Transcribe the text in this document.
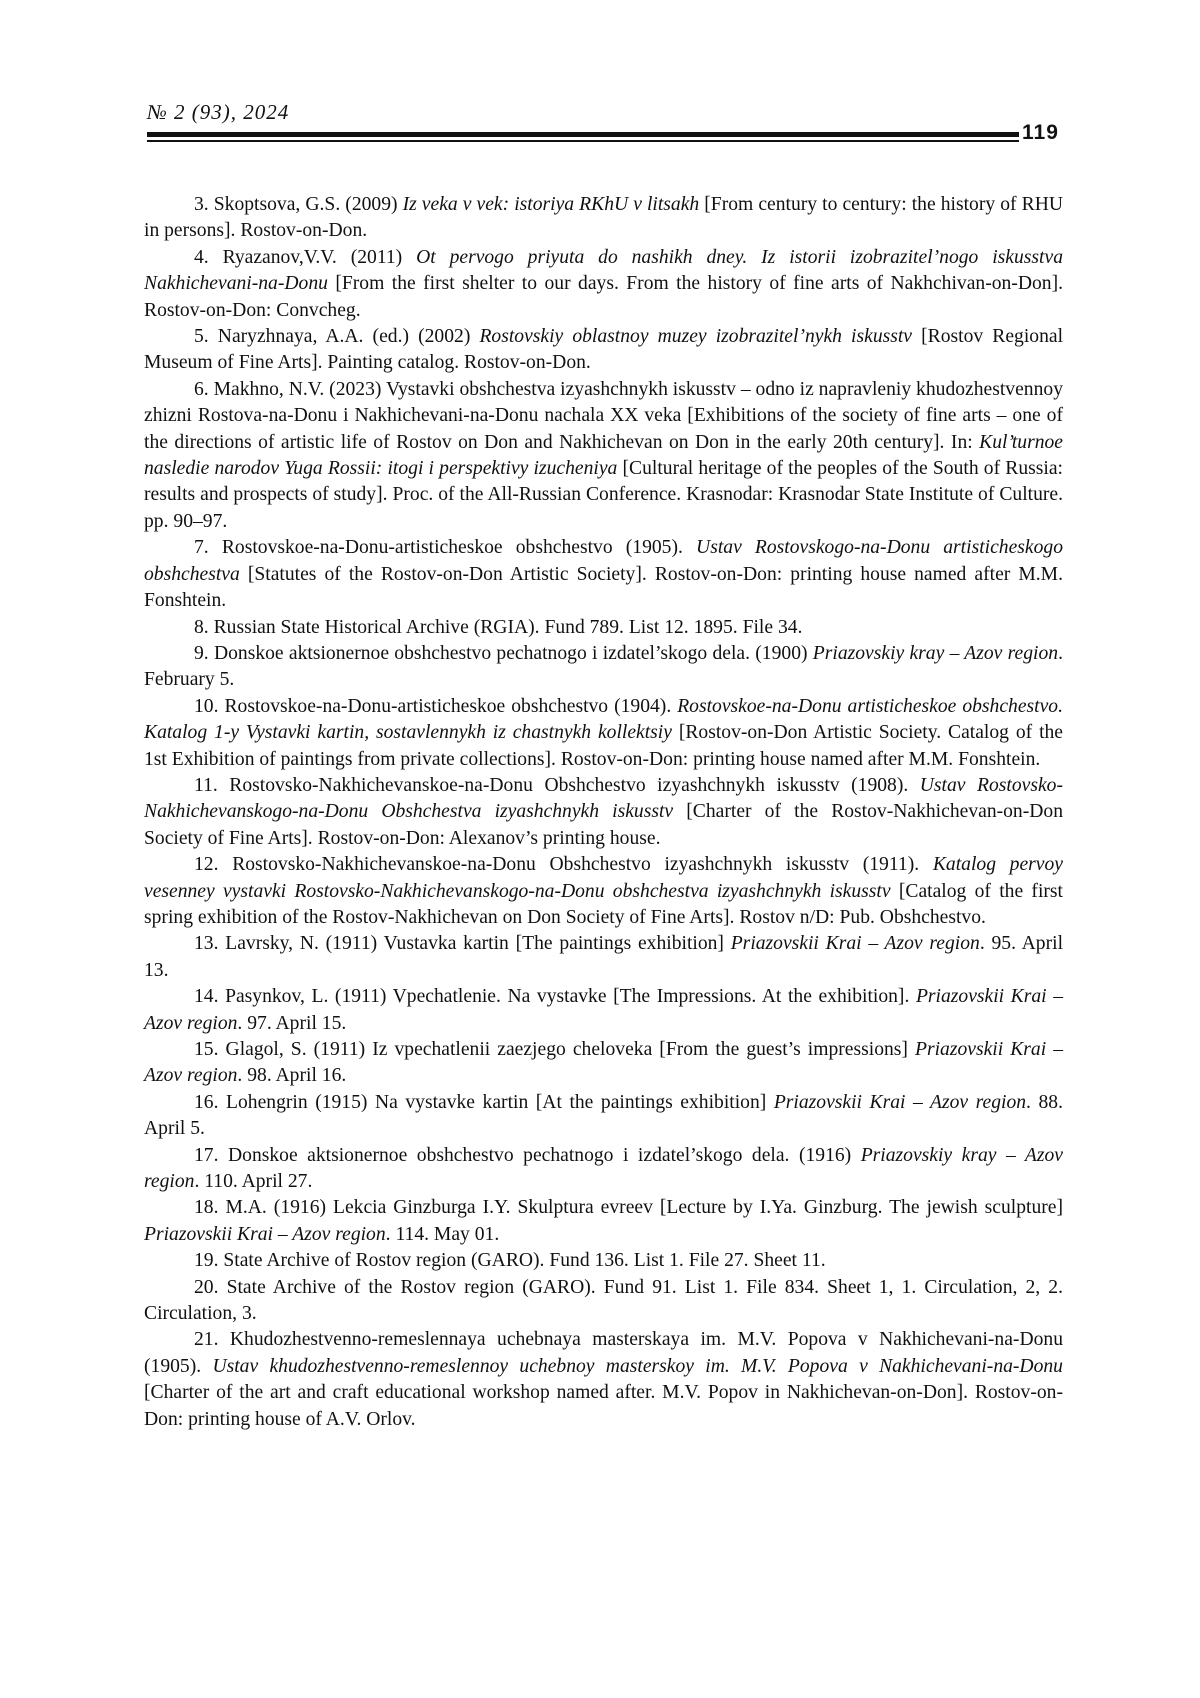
№ 2 (93), 2024
119

3. Skoptsova, G.S. (2009) Iz veka v vek: istoriya RKhU v litsakh [From century to century: the history of RHU in persons]. Rostov-on-Don.

4. Ryazanov,V.V. (2011) Ot pervogo priyuta do nashikh dney. Iz istorii izobrazitel’nogo iskusstva Nakhichevani-na-Donu [From the first shelter to our days. From the history of fine arts of Nakhchivan-on-Don]. Rostov-on-Don: Convcheg.

5. Naryzhnaya, A.A. (ed.) (2002) Rostovskiy oblastnoy muzey izobrazitel’nykh iskusstv [Rostov Regional Museum of Fine Arts]. Painting catalog. Rostov-on-Don.

6. Makhno, N.V. (2023) Vystavki obshchestva izyashchnykh iskusstv – odno iz napravleniy khudozhestvennoy zhizni Rostova-na-Donu i Nakhichevani-na-Donu nachala XX veka [Exhibitions of the society of fine arts – one of the directions of artistic life of Rostov on Don and Nakhichevan on Don in the early 20th century]. In: Kul’turnoe nasledie narodov Yuga Rossii: itogi i perspektivy izucheniya [Cultural heritage of the peoples of the South of Russia: results and prospects of study]. Proc. of the All-Russian Conference. Krasnodar: Krasnodar State Institute of Culture. pp. 90–97.

7. Rostovskoe-na-Donu-artisticheskoe obshchestvo (1905). Ustav Rostovskogo-na-Donu artisticheskogo obshchestva [Statutes of the Rostov-on-Don Artistic Society]. Rostov-on-Don: printing house named after M.M. Fonshtein.

8. Russian State Historical Archive (RGIA). Fund 789. List 12. 1895. File 34.

9. Donskoe aktsionernoe obshchestvo pechatnogo i izdatel’skogo dela. (1900) Priazovskiy kray – Azov region. February 5.

10. Rostovskoe-na-Donu-artisticheskoe obshchestvo (1904). Rostovskoe-na-Donu artisticheskoe obshchestvo. Katalog 1-y Vystavki kartin, sostavlennykh iz chastnykh kollektsiy [Rostov-on-Don Artistic Society. Catalog of the 1st Exhibition of paintings from private collections]. Rostov-on-Don: printing house named after M.M. Fonshtein.

11. Rostovsko-Nakhichevanskoe-na-Donu Obshchestvo izyashchnykh iskusstv (1908). Ustav Rostovsko-Nakhichevanskogo-na-Donu Obshchestva izyashchnykh iskusstv [Charter of the Rostov-Nakhichevan-on-Don Society of Fine Arts]. Rostov-on-Don: Alexanov’s printing house.

12. Rostovsko-Nakhichevanskoe-na-Donu Obshchestvo izyashchnykh iskusstv (1911). Katalog pervoy vesenney vystavki Rostovsko-Nakhichevanskogo-na-Donu obshchestva izyashchnykh iskusstv [Catalog of the first spring exhibition of the Rostov-Nakhichevan on Don Society of Fine Arts]. Rostov n/D: Pub. Obshchestvo.

13. Lavrsky, N. (1911) Vustavka kartin [The paintings exhibition] Priazovskii Krai – Azov region. 95. April 13.

14. Pasynkov, L. (1911) Vpechatlenie. Na vystavke [The Impressions. At the exhibition]. Priazovskii Krai – Azov region. 97. April 15.

15. Glagol, S. (1911) Iz vpechatlenii zaezjego cheloveka [From the guest’s impressions] Priazovskii Krai – Azov region. 98. April 16.

16. Lohengrin (1915) Na vystavke kartin [At the paintings exhibition] Priazovskii Krai – Azov region. 88. April 5.

17. Donskoe aktsionernoe obshchestvo pechatnogo i izdatel’skogo dela. (1916) Priazovskiy kray – Azov region. 110. April 27.

18. M.A. (1916) Lekcia Ginzburga I.Y. Skulptura evreev [Lecture by I.Ya. Ginzburg. The jewish sculpture] Priazovskii Krai – Azov region. 114. May 01.

19. State Archive of Rostov region (GARO). Fund 136. List 1. File 27. Sheet 11.

20. State Archive of the Rostov region (GARO). Fund 91. List 1. File 834. Sheet 1, 1. Circulation, 2, 2. Circulation, 3.

21. Khudozhestvenno-remeslennaya uchebnaya masterskaya im. M.V. Popova v Nakhichevani-na-Donu (1905). Ustav khudozhestvenno-remeslennoy uchebnoy masterskoy im. M.V. Popova v Nakhichevani-na-Donu [Charter of the art and craft educational workshop named after. M.V. Popov in Nakhichevan-on-Don]. Rostov-on-Don: printing house of A.V. Orlov.
